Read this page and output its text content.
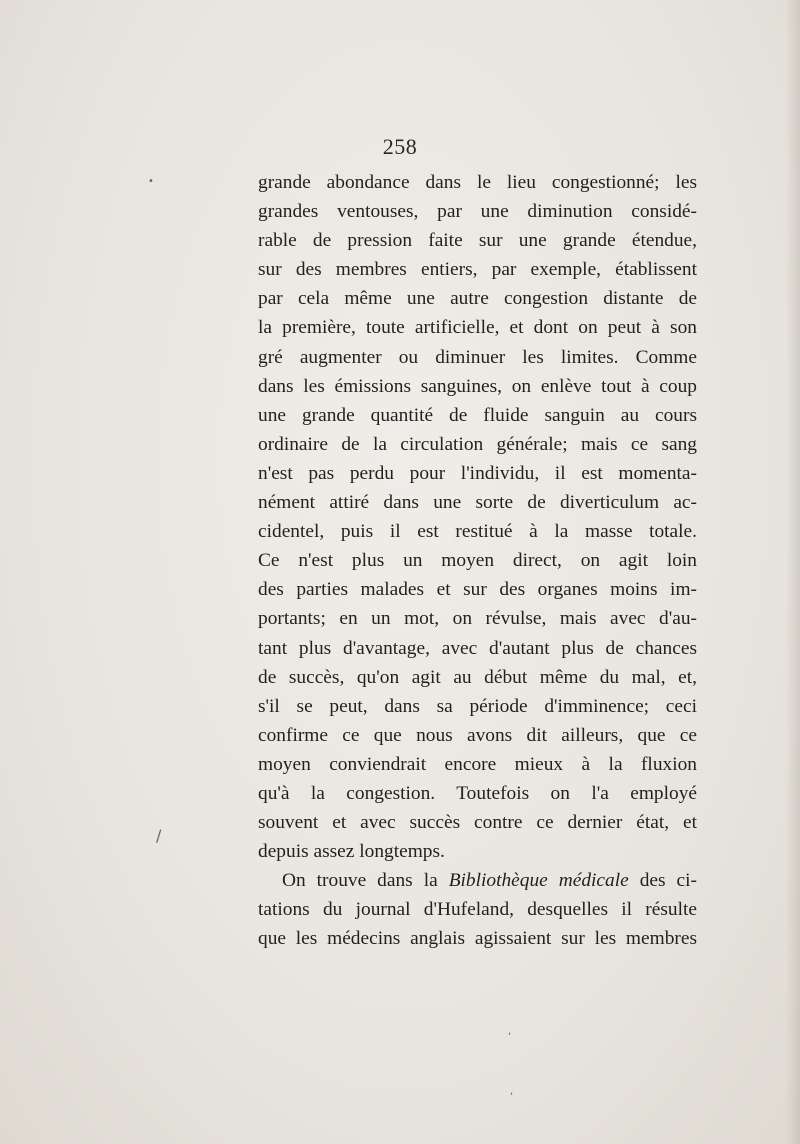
258
grande abondance dans le lieu congestionné; les
grandes ventouses, par une diminution considé-
rable de pression faite sur une grande étendue,
sur des membres entiers, par exemple, établissent
par cela même une autre congestion distante de
la première, toute artificielle, et dont on peut à son
gré augmenter ou diminuer les limites. Comme
dans les émissions sanguines, on enlève tout à coup
une grande quantité de fluide sanguin au cours
ordinaire de la circulation générale; mais ce sang
n'est pas perdu pour l'individu, il est momenta-
nément attiré dans une sorte de diverticulum ac-
cidentel, puis il est restitué à la masse totale.
Ce n'est plus un moyen direct, on agit loin
des parties malades et sur des organes moins im-
portants; en un mot, on révulse, mais avec d'au-
tant plus d'avantage, avec d'autant plus de chances
de succès, qu'on agit au début même du mal, et,
s'il se peut, dans sa période d'imminence; ceci
confirme ce que nous avons dit ailleurs, que ce
moyen conviendrait encore mieux à la fluxion
qu'à la congestion. Toutefois on l'a employé
souvent et avec succès contre ce dernier état, et
depuis assez longtemps.
On trouve dans la Bibliothèque médicale des ci-
tations du journal d'Hufeland, desquelles il résulte
que les médecins anglais agissaient sur les membres
•
/
,
,
